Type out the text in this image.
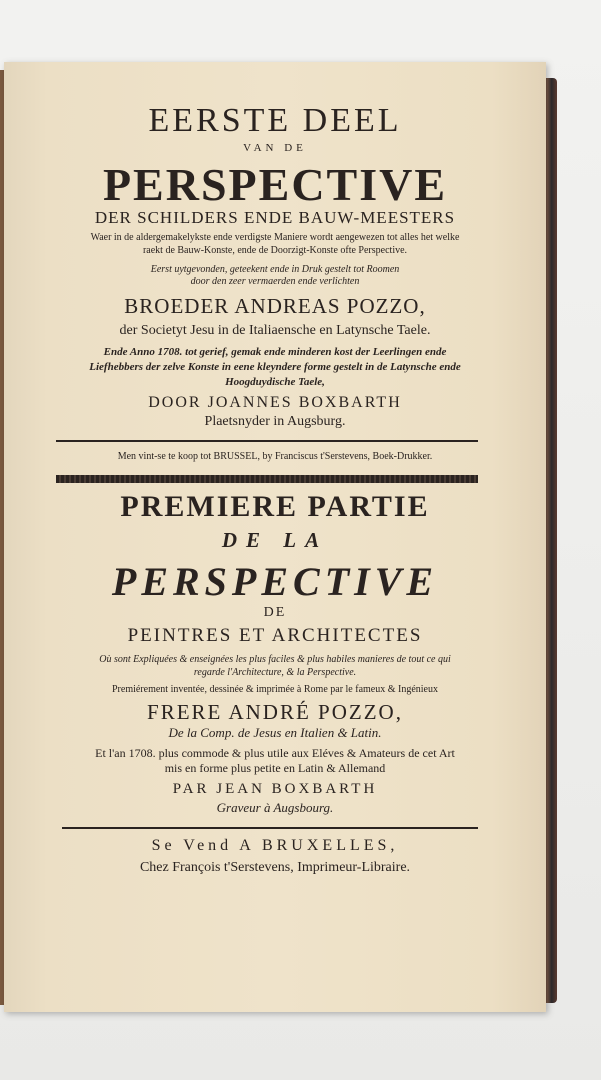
EERSTE DEEL
VAN DE
PERSPECTIVE
DER SCHILDERS ENDE BAUW-MEESTERS
Waer in de aldergemakelykste ende verdigste Maniere wordt aengewezen tot alles het welke
raekt de Bauw-Konste, ende de Doorzigt-Konste ofte Perspective.
Eerst uytgevonden, geteekent ende in Druk gestelt tot Roomen
door den zeer vermaerden ende verlichten
BROEDER ANDREAS POZZO,
der Societyt Jesu in de Italiaensche en Latynsche Taele.
Ende Anno 1708. tot gerief, gemak ende minderen kost der Leerlingen ende
Liefhebbers der zelve Konste in eene kleyndere forme gestelt in de Latynsche ende
Hoogduydische Taele,
DOOR JOANNES BOXBARTH
Plaetsnyder in Augsburg.
Men vint-se te koop tot BRUSSEL, by Franciscus t'Serstevens, Boek-Drukker.
PREMIERE PARTIE
DE LA
PERSPECTIVE
DE
PEINTRES ET ARCHITECTES
Où sont Expliquées & enseignées les plus faciles & plus habiles manieres de tout ce qui
regarde l'Architecture, & la Perspective.
Premiérement inventée, dessinée & imprimée à Rome par le fameux & Ingénieux
FRERE ANDRÉ POZZO,
De la Comp. de Jesus en Italien & Latin.
Et l'an 1708. plus commode & plus utile aux Eléves & Amateurs de cet Art
mis en forme plus petite en Latin & Allemand
PAR JEAN BOXBARTH
Graveur à Augsbourg.
Se Vend A BRUXELLES,
Chez François t'Serstevens, Imprimeur-Libraire.
